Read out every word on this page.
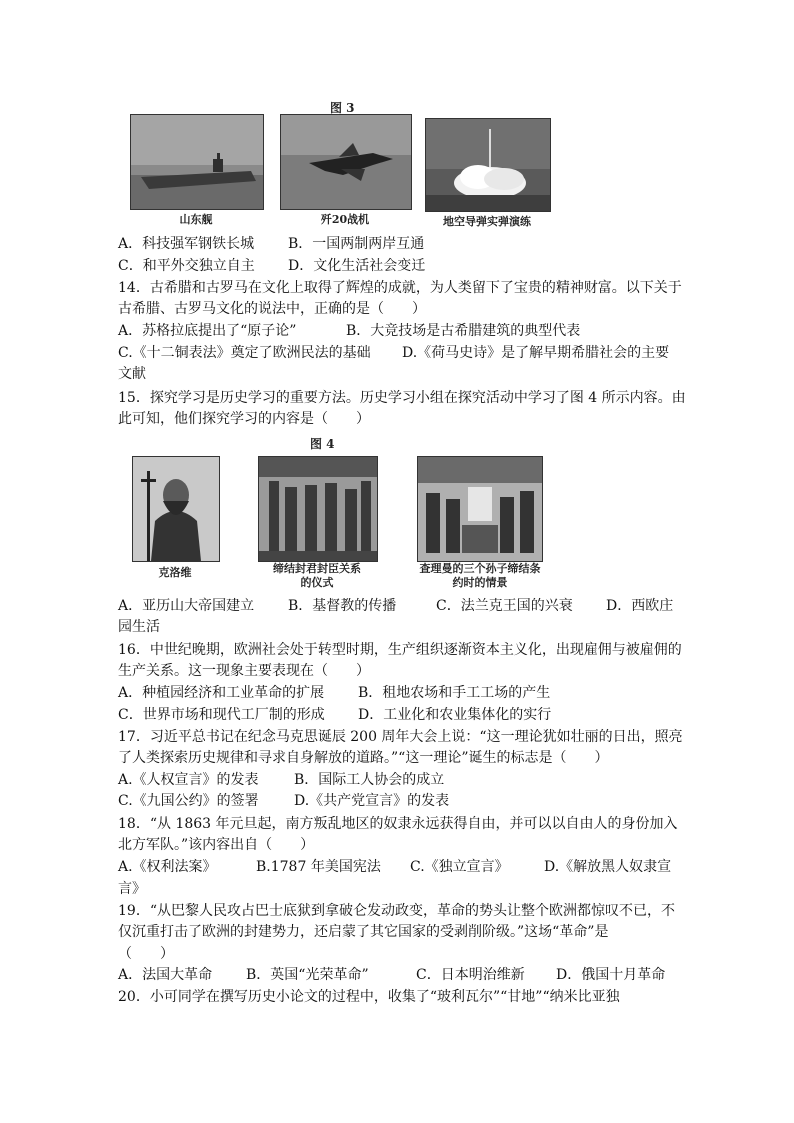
图 3
山东舰	歼20战机	地空导弹实弹演练
A．科技强军钢铁长城 B．一国两制两岸互通
C．和平外交独立自主 D．文化生活社会变迁
14．古希腊和古罗马在文化上取得了辉煌的成就，为人类留下了宝贵的精神财富。以下关于
古希腊、古罗马文化的说法中，正确的是（　　）
A．苏格拉底提出了“原子论”	B．大竞技场是古希腊建筑的典型代表
C.《十二铜表法》奠定了欧洲民法的基础 D.《荷马史诗》是了解早期希腊社会的主要
文献
15．探究学习是历史学习的重要方法。历史学习小组在探究活动中学习了图 4 所示内容。由
此可知，他们探究学习的内容是（　　）
图 4
克洛维	缔结封君封臣关系
的仪式
查理曼的三个孙子缔结条
约时的情景
A．亚历山大帝国建立 B．基督教的传播	C．法兰克王国的兴衰 D．西欧庄
园生活
16．中世纪晚期，欧洲社会处于转型时期，生产组织逐渐资本主义化，出现雇佣与被雇佣的
生产关系。这一现象主要表现在（　　）
A．种植园经济和工业革命的扩展 B．租地农场和手工工场的产生
C．世界市场和现代工厂制的形成 D．工业化和农业集体化的实行
17．习近平总书记在纪念马克思诞辰 200 周年大会上说：“这一理论犹如壮丽的日出，照亮
了人类探索历史规律和寻求自身解放的道路。”“这一理论”诞生的标志是（　　）
A.《人权宣言》的发表	B．国际工人协会的成立
C.《九国公约》的签署	D.《共产党宣言》的发表
18．“从 1863 年元旦起，南方叛乱地区的奴隶永远获得自由，并可以以自由人的身份加入
北方军队。”该内容出自（　　）
A.《权利法案》	B.1787 年美国宪法 C.《独立宣言》	D.《解放黑人奴隶宣
言》
19．“从巴黎人民攻占巴士底狱到拿破仑发动政变，革命的势头让整个欧洲都惊叹不已，不
仅沉重打击了欧洲的封建势力，还启蒙了其它国家的受剥削阶级。”这场“革命”是
（　　）
A．法国大革命 B．英国“光荣革命”	C．日本明治维新 D．俄国十月革命
20．小可同学在撰写历史小论文的过程中，收集了“玻利瓦尔”“甘地”“纳米比亚独
